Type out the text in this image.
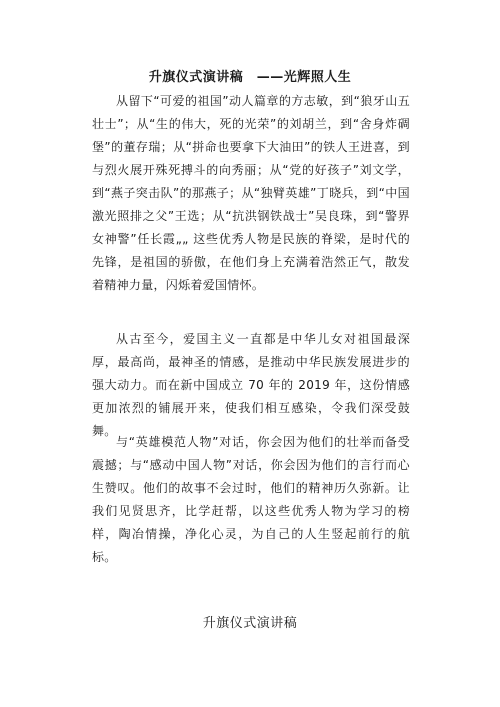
升旗仪式演讲稿　——光辉照人生

从留下“可爱的祖国”动人篇章的方志敏，到“狼牙山五壮士”；从“生的伟大，死的光荣”的刘胡兰，到“舍身炸碉堡”的董存瑞；从“拼命也要拿下大油田”的铁人王进喜，到与烈火展开殊死搏斗的向秀丽；从“党的好孩子”刘文学，到“燕子突击队”的那燕子；从“独臂英雄”丁晓兵，到“中国激光照排之父”王选；从“抗洪钢铁战士”吴良珠，到“警界女神警”任长霞„„ 这些优秀人物是民族的脊梁，是时代的先锋，是祖国的骄傲，在他们身上充满着浩然正气，散发着精神力量，闪烁着爱国情怀。

从古至今，爱国主义一直都是中华儿女对祖国最深厚，最高尚，最神圣的情感，是推动中华民族发展进步的强大动力。而在新中国成立 70 年的 2019 年，这份情感更加浓烈的铺展开来，使我们相互感染，令我们深受鼓舞。

与“英雄模范人物”对话，你会因为他们的壮举而备受震撼；与“感动中国人物”对话，你会因为他们的言行而心生赞叹。他们的故事不会过时，他们的精神历久弥新。让我们见贤思齐，比学赶帮，以这些优秀人物为学习的榜样，陶冶情操，净化心灵，为自己的人生竖起前行的航标。

升旗仪式演讲稿
